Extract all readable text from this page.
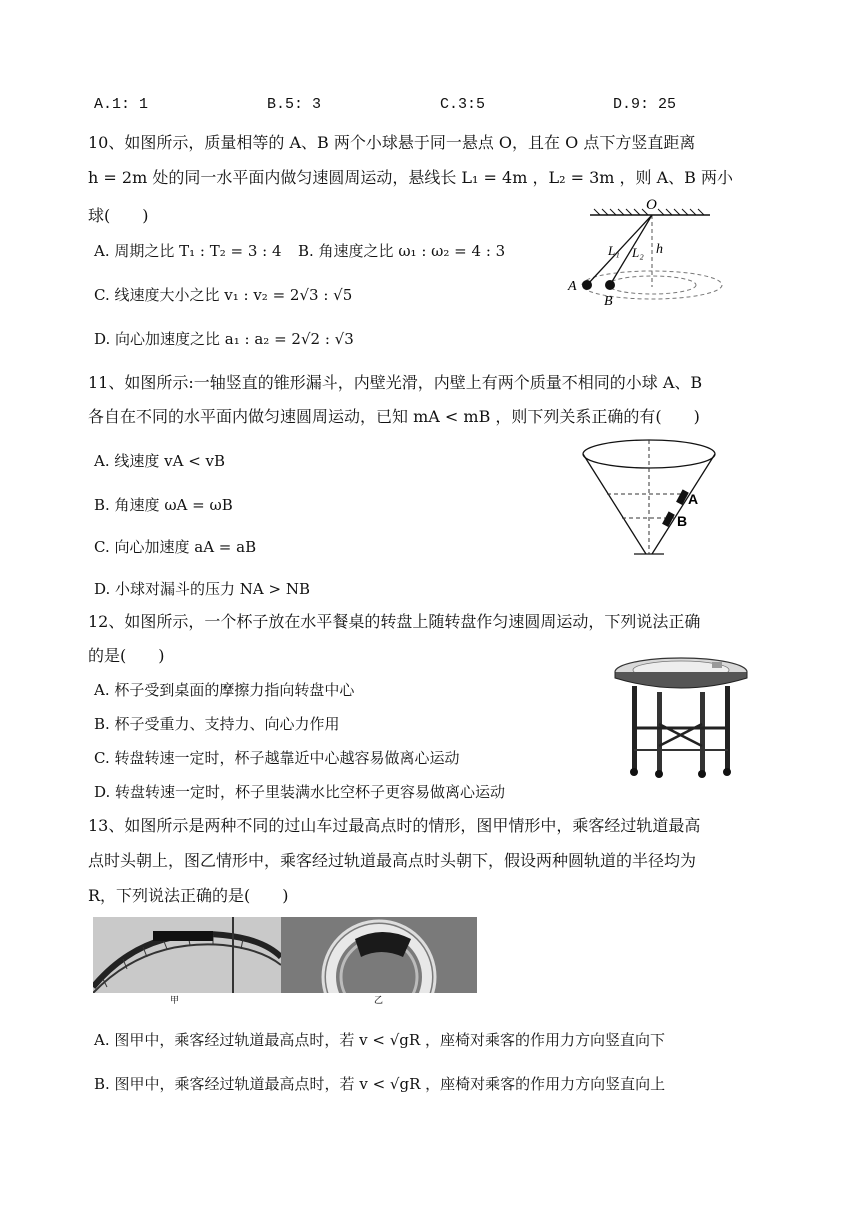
A.1: 1	B.5: 3	C.3:5	D.9: 25
10、如图所示，质量相等的 A、B 两个小球悬于同一悬点 O，且在 O 点下方竖直距离
h = 2m 处的同一水平面内做匀速圆周运动，悬线长 L₁ = 4m ，L₂ = 3m ，则 A、B 两小
球(　　)
A. 周期之比 T₁ : T₂ = 3 : 4 B. 角速度之比 ω₁ : ω₂ = 4 : 3
C. 线速度大小之比 v₁ : v₂ = 2√3 : √5
D. 向心加速度之比 a₁ : a₂ = 2√2 : √3
O
L₁ L₂ h
A
B
11、如图所示:一轴竖直的锥形漏斗，内壁光滑，内壁上有两个质量不相同的小球 A、B
各自在不同的水平面内做匀速圆周运动，已知 mA < mB ，则下列关系正确的有(　　)
A. 线速度 vA < vB
B. 角速度 ωA = ωB
C. 向心加速度 aA = aB
D. 小球对漏斗的压力 NA > NB
A
B
12、如图所示，一个杯子放在水平餐桌的转盘上随转盘作匀速圆周运动，下列说法正确
的是(　　)
A. 杯子受到桌面的摩擦力指向转盘中心
B. 杯子受重力、支持力、向心力作用
C. 转盘转速一定时，杯子越靠近中心越容易做离心运动
D. 转盘转速一定时，杯子里装满水比空杯子更容易做离心运动
13、如图所示是两种不同的过山车过最高点时的情形，图甲情形中，乘客经过轨道最高
点时头朝上，图乙情形中，乘客经过轨道最高点时头朝下，假设两种圆轨道的半径均为
R，下列说法正确的是(　　)
甲	乙
A. 图甲中，乘客经过轨道最高点时，若 v < √gR ，座椅对乘客的作用力方向竖直向下
B. 图甲中，乘客经过轨道最高点时，若 v < √gR ，座椅对乘客的作用力方向竖直向上
